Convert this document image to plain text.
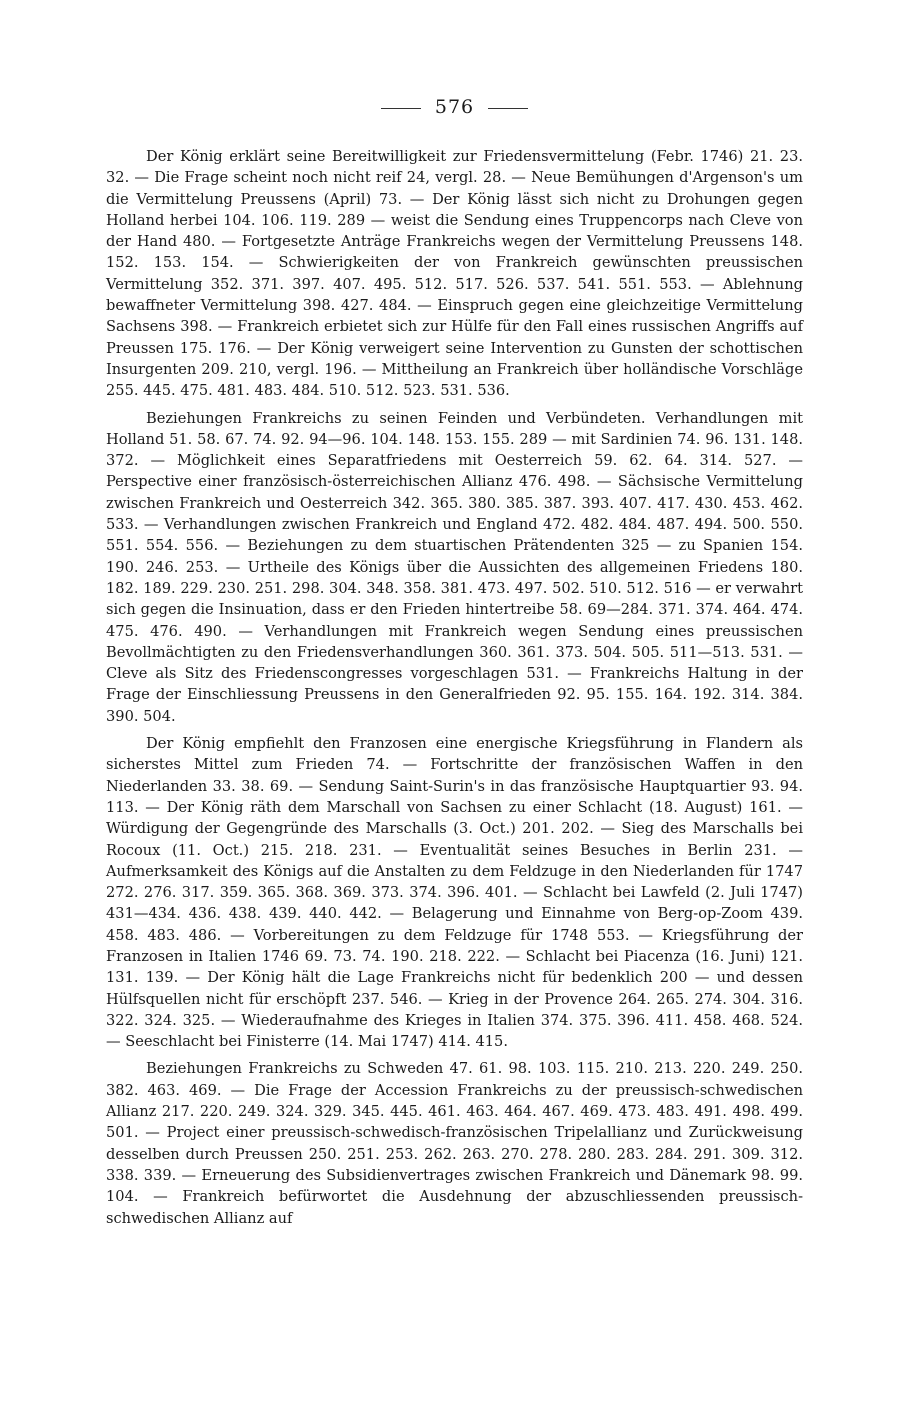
576

Der König erklärt seine Bereitwilligkeit zur Friedensvermittelung (Febr. 1746) 21. 23. 32. — Die Frage scheint noch nicht reif 24, vergl. 28. — Neue Bemühungen d'Argenson's um die Vermittelung Preussens (April) 73. — Der König lässt sich nicht zu Drohungen gegen Holland herbei 104. 106. 119. 289 — weist die Sendung eines Truppencorps nach Cleve von der Hand 480. — Fortgesetzte Anträge Frankreichs wegen der Vermittelung Preussens 148. 152. 153. 154. — Schwierigkeiten der von Frankreich gewünschten preussischen Vermittelung 352. 371. 397. 407. 495. 512. 517. 526. 537. 541. 551. 553. — Ablehnung bewaffneter Vermittelung 398. 427. 484. — Einspruch gegen eine gleichzeitige Vermittelung Sachsens 398. — Frankreich erbietet sich zur Hülfe für den Fall eines russischen Angriffs auf Preussen 175. 176. — Der König verweigert seine Intervention zu Gunsten der schottischen Insurgenten 209. 210, vergl. 196. — Mittheilung an Frankreich über holländische Vorschläge 255. 445. 475. 481. 483. 484. 510. 512. 523. 531. 536.

Beziehungen Frankreichs zu seinen Feinden und Verbündeten. Verhandlungen mit Holland 51. 58. 67. 74. 92. 94—96. 104. 148. 153. 155. 289 — mit Sardinien 74. 96. 131. 148. 372. — Möglichkeit eines Separatfriedens mit Oesterreich 59. 62. 64. 314. 527. — Perspective einer französisch-österreichischen Allianz 476. 498. — Sächsische Vermittelung zwischen Frankreich und Oesterreich 342. 365. 380. 385. 387. 393. 407. 417. 430. 453. 462. 533. — Verhandlungen zwischen Frankreich und England 472. 482. 484. 487. 494. 500. 550. 551. 554. 556. — Beziehungen zu dem stuartischen Prätendenten 325 — zu Spanien 154. 190. 246. 253. — Urtheile des Königs über die Aussichten des allgemeinen Friedens 180. 182. 189. 229. 230. 251. 298. 304. 348. 358. 381. 473. 497. 502. 510. 512. 516 — er verwahrt sich gegen die Insinuation, dass er den Frieden hintertreibe 58. 69—284. 371. 374. 464. 474. 475. 476. 490. — Verhandlungen mit Frankreich wegen Sendung eines preussischen Bevollmächtigten zu den Friedensverhandlungen 360. 361. 373. 504. 505. 511—513. 531. — Cleve als Sitz des Friedenscongresses vorgeschlagen 531. — Frankreichs Haltung in der Frage der Einschliessung Preussens in den Generalfrieden 92. 95. 155. 164. 192. 314. 384. 390. 504.

Der König empfiehlt den Franzosen eine energische Kriegsführung in Flandern als sicherstes Mittel zum Frieden 74. — Fortschritte der französischen Waffen in den Niederlanden 33. 38. 69. — Sendung Saint-Surin's in das französische Hauptquartier 93. 94. 113. — Der König räth dem Marschall von Sachsen zu einer Schlacht (18. August) 161. — Würdigung der Gegengründe des Marschalls (3. Oct.) 201. 202. — Sieg des Marschalls bei Rocoux (11. Oct.) 215. 218. 231. — Eventualität seines Besuches in Berlin 231. — Aufmerksamkeit des Königs auf die Anstalten zu dem Feldzuge in den Niederlanden für 1747 272. 276. 317. 359. 365. 368. 369. 373. 374. 396. 401. — Schlacht bei Lawfeld (2. Juli 1747) 431—434. 436. 438. 439. 440. 442. — Belagerung und Einnahme von Berg-op-Zoom 439. 458. 483. 486. — Vorbereitungen zu dem Feldzuge für 1748 553. — Kriegsführung der Franzosen in Italien 1746 69. 73. 74. 190. 218. 222. — Schlacht bei Piacenza (16. Juni) 121. 131. 139. — Der König hält die Lage Frankreichs nicht für bedenklich 200 — und dessen Hülfsquellen nicht für erschöpft 237. 546. — Krieg in der Provence 264. 265. 274. 304. 316. 322. 324. 325. — Wiederaufnahme des Krieges in Italien 374. 375. 396. 411. 458. 468. 524. — Seeschlacht bei Finisterre (14. Mai 1747) 414. 415.

Beziehungen Frankreichs zu Schweden 47. 61. 98. 103. 115. 210. 213. 220. 249. 250. 382. 463. 469. — Die Frage der Accession Frankreichs zu der preussisch-schwedischen Allianz 217. 220. 249. 324. 329. 345. 445. 461. 463. 464. 467. 469. 473. 483. 491. 498. 499. 501. — Project einer preussisch-schwedisch-französischen Tripelallianz und Zurückweisung desselben durch Preussen 250. 251. 253. 262. 263. 270. 278. 280. 283. 284. 291. 309. 312. 338. 339. — Erneuerung des Subsidienvertrages zwischen Frankreich und Dänemark 98. 99. 104. — Frankreich befürwortet die Ausdehnung der abzuschliessenden preussisch-schwedischen Allianz auf
